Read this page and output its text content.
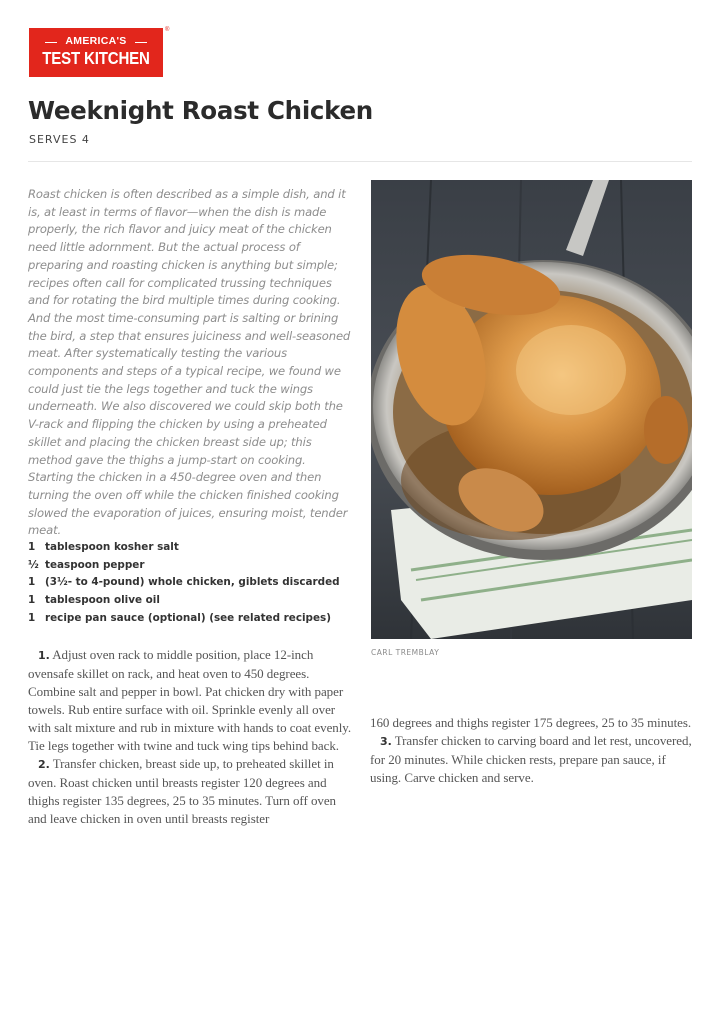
AMERICA'S
TEST KITCHEN
®
Weeknight Roast Chicken
SERVES 4

Roast chicken is often described as a simple dish, and it is, at least in terms of flavor—when the dish is made properly, the rich flavor and juicy meat of the chicken need little adornment. But the actual process of preparing and roasting chicken is anything but simple; recipes often call for complicated trussing techniques and for rotating the bird multiple times during cooking. And the most time-consuming part is salting or brining the bird, a step that ensures juiciness and well-seasoned meat. After systematically testing the various components and steps of a typical recipe, we found we could just tie the legs together and tuck the wings underneath. We also discovered we could skip both the V-rack and flipping the chicken by using a preheated skillet and placing the chicken breast side up; this method gave the thighs a jump-start on cooking. Starting the chicken in a 450-degree oven and then turning the oven off while the chicken finished cooking slowed the evaporation of juices, ensuring moist, tender meat.

1 tablespoon kosher salt
½ teaspoon pepper
1 (3½- to 4-pound) whole chicken, giblets discarded
1 tablespoon olive oil
1 recipe pan sauce (optional) (see related recipes)

1. Adjust oven rack to middle position, place 12-inch ovensafe skillet on rack, and heat oven to 450 degrees. Combine salt and pepper in bowl. Pat chicken dry with paper towels. Rub entire surface with oil. Sprinkle evenly all over with salt mixture and rub in mixture with hands to coat evenly. Tie legs together with twine and tuck wing tips behind back.

2. Transfer chicken, breast side up, to preheated skillet in oven. Roast chicken until breasts register 120 degrees and thighs register 135 degrees, 25 to 35 minutes. Turn off oven and leave chicken in oven until breasts register

CARL TREMBLAY

160 degrees and thighs register 175 degrees, 25 to 35 minutes.

3. Transfer chicken to carving board and let rest, uncovered, for 20 minutes. While chicken rests, prepare pan sauce, if using. Carve chicken and serve.
